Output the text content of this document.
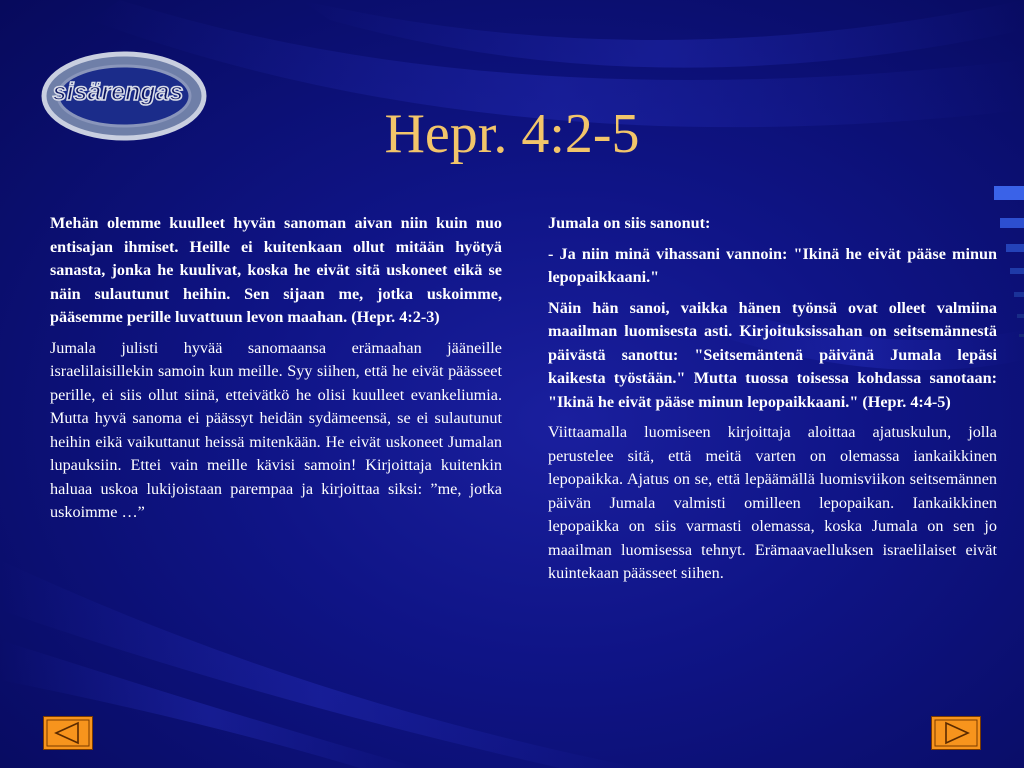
sisärengas
Hepr. 4:2-5

Mehän olemme kuulleet hyvän sanoman aivan niin kuin nuo entisajan ihmiset. Heille ei kuitenkaan ollut mitään hyötyä sanasta, jonka he kuulivat, koska he eivät sitä uskoneet eikä se näin sulautunut heihin. Sen sijaan me, jotka uskoimme, pääsemme perille luvattuun levon maahan. (Hepr. 4:2-3)

Jumala julisti hyvää sanomaansa erämaahan jääneille israelilaisillekin samoin kun meille. Syy siihen, että he eivät päässeet perille, ei siis ollut siinä, etteivätkö he olisi kuulleet evankeliumia. Mutta hyvä sanoma ei päässyt heidän sydämeensä, se ei sulautunut heihin eikä vaikuttanut heissä mitenkään. He eivät uskoneet Jumalan lupauksiin. Ettei vain meille kävisi samoin! Kirjoittaja kuitenkin haluaa uskoa lukijoistaan parempaa ja kirjoittaa siksi: ”me, jotka uskoimme …”

Jumala on siis sanonut:

- Ja niin minä vihassani vannoin: "Ikinä he eivät pääse minun lepopaikkaani."

Näin hän sanoi, vaikka hänen työnsä ovat olleet valmiina maailman luomisesta asti. Kirjoituksissahan on seitsemännestä päivästä sanottu: "Seitsemäntenä päivänä Jumala lepäsi kaikesta työstään." Mutta tuossa toisessa kohdassa sanotaan: "Ikinä he eivät pääse minun lepopaikkaani." (Hepr. 4:4-5)

Viittaamalla luomiseen kirjoittaja aloittaa ajatuskulun, jolla perustelee sitä, että meitä varten on olemassa iankaikkinen lepopaikka. Ajatus on se, että lepäämällä luomisviikon seitsemännen päivän Jumala valmisti omilleen lepopaikan. Iankaikkinen lepopaikka on siis varmasti olemassa, koska Jumala on sen jo maailman luomisessa tehnyt. Erämaavaelluksen israelilaiset eivät kuintekaan päässeet siihen.
